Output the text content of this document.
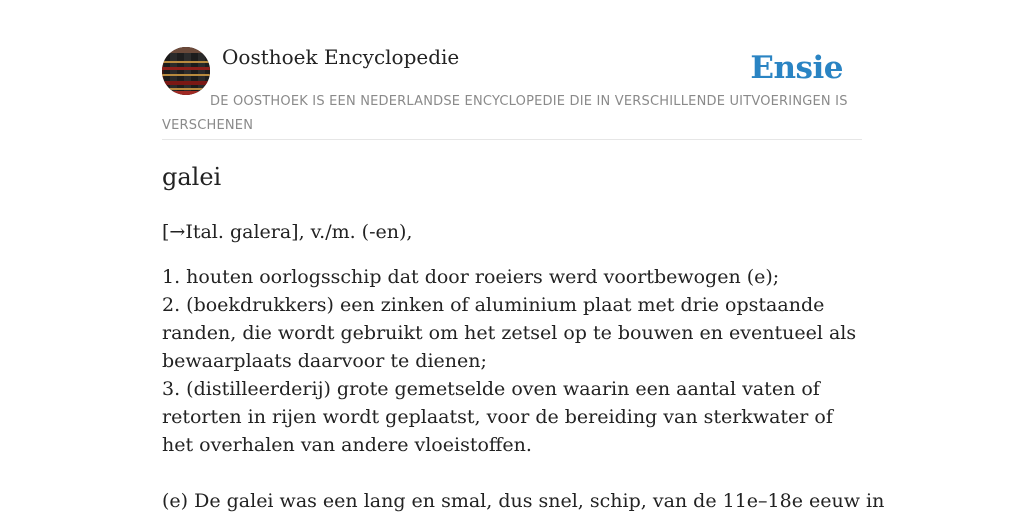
Oosthoek Encyclopedie	Ensie
DE OOSTHOEK IS EEN NEDERLANDSE ENCYCLOPEDIE DIE IN VERSCHILLENDE UITVOERINGEN IS VERSCHENEN
galei

[→Ital. galera], v./m. (-en),

1. houten oorlogsschip dat door roeiers werd voortbewogen (e);
2. (boekdrukkers) een zinken of aluminium plaat met drie opstaande randen, die wordt gebruikt om het zetsel op te bouwen en eventueel als bewaarplaats daarvoor te dienen;
3. (distilleerderij) grote gemetselde oven waarin een aantal vaten of retorten in rijen wordt geplaatst, voor de bereiding van sterkwater of het overhalen van andere vloeistoffen.

(e) De galei was een lang en smal, dus snel, schip, van de 11e–18e eeuw in
